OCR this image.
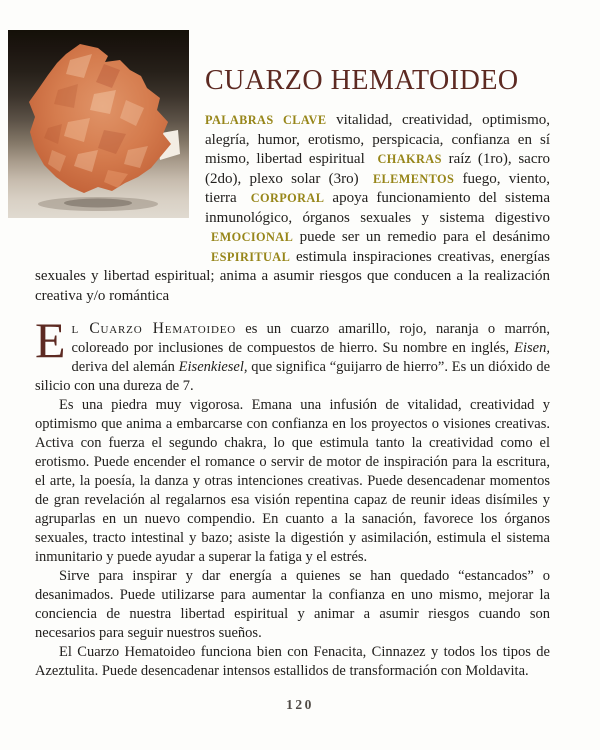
CUARZO HEMATOIDEO

PALABRAS CLAVE vitalidad, creatividad, optimismo, alegría, humor, erotismo, perspicacia, confianza en sí mismo, libertad espiritual CHAKRAS raíz (1ro), sacro (2do), plexo solar (3ro) ELEMENTOS fuego, viento, tierra CORPORAL apoya funcionamiento del sistema inmunológico, órganos sexuales y sistema digestivo EMOCIONAL puede ser un remedio para el desánimo ESPIRITUAL estimula inspiraciones creativas, energías sexuales y libertad espiritual; anima a asumir riesgos que conducen a la realización creativa y/o romántica

El Cuarzo Hematoideo es un cuarzo amarillo, rojo, naranja o marrón, coloreado por inclusiones de compuestos de hierro. Su nombre en inglés, Eisen, deriva del alemán Eisenkiesel, que significa “guijarro de hierro”. Es un dióxido de silicio con una dureza de 7.

Es una piedra muy vigorosa. Emana una infusión de vitalidad, creatividad y optimismo que anima a embarcarse con confianza en los proyectos o visiones creativas. Activa con fuerza el segundo chakra, lo que estimula tanto la creatividad como el erotismo. Puede encender el romance o servir de motor de inspiración para la escritura, el arte, la poesía, la danza y otras intenciones creativas. Puede desencadenar momentos de gran revelación al regalarnos esa visión repentina capaz de reunir ideas disímiles y agruparlas en un nuevo compendio. En cuanto a la sanación, favorece los órganos sexuales, tracto intestinal y bazo; asiste la digestión y asimilación, estimula el sistema inmunitario y puede ayudar a superar la fatiga y el estrés.

Sirve para inspirar y dar energía a quienes se han quedado “estancados” o desanimados. Puede utilizarse para aumentar la confianza en uno mismo, mejorar la conciencia de nuestra libertad espiritual y animar a asumir riesgos cuando son necesarios para seguir nuestros sueños.

El Cuarzo Hematoideo funciona bien con Fenacita, Cinnazez y todos los tipos de Azeztulita. Puede desencadenar intensos estallidos de transformación con Moldavita.

120
